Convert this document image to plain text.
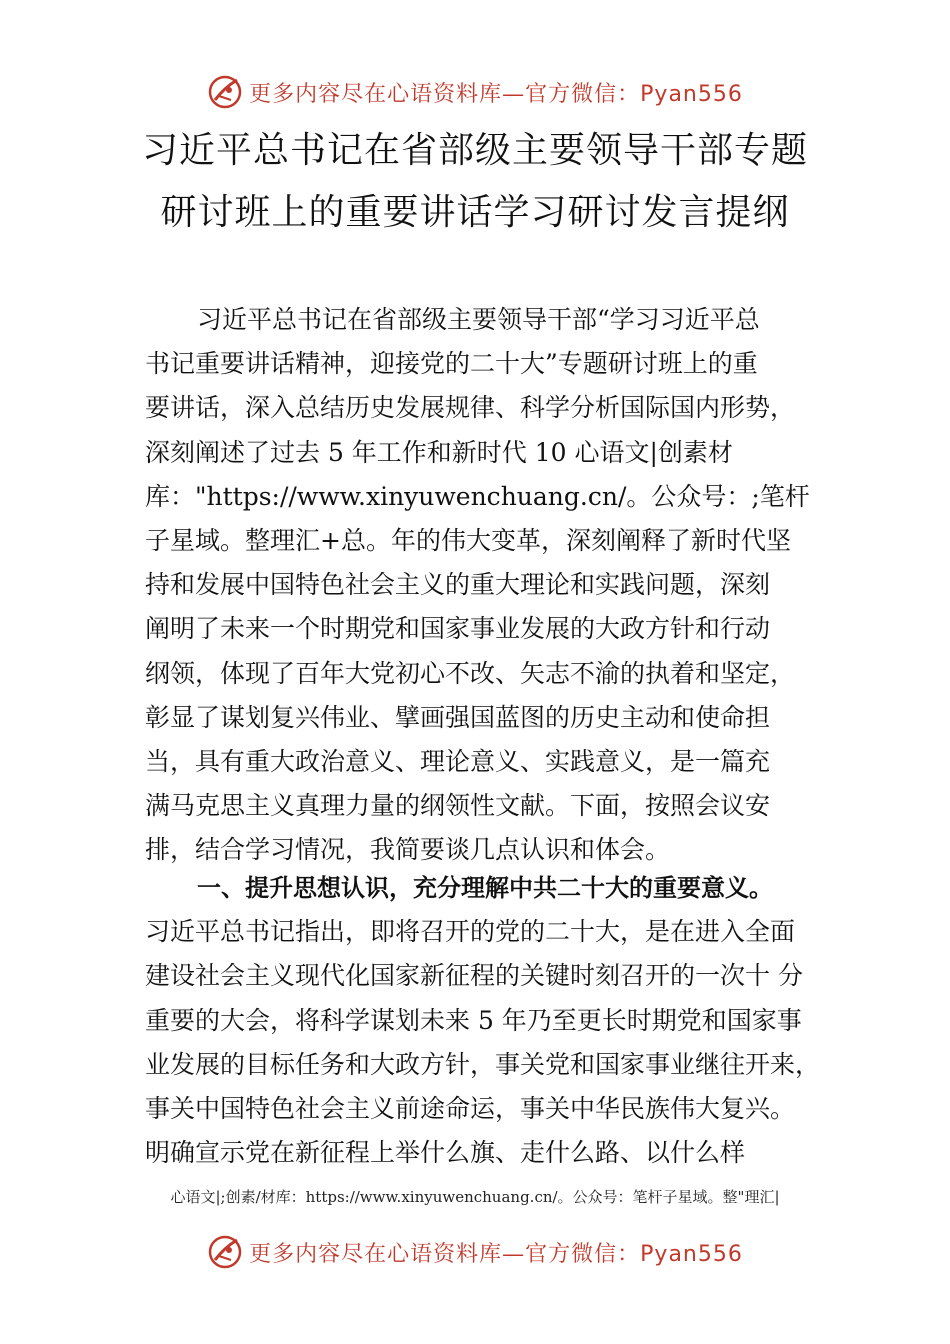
更多内容尽在心语资料库—官方微信：Pyan556
习近平总书记在省部级主要领导干部专题
研讨班上的重要讲话学习研讨发言提纲
习近平总书记在省部级主要领导干部“学习习近平总
书记重要讲话精神，迎接党的二十大”专题研讨班上的重
要讲话，深入总结历史发展规律、科学分析国际国内形势，
深刻阐述了过去 5 年工作和新时代 10 心语文|创素材
库："https://www.xinyuwenchuang.cn/。公众号：;笔杆
子星域。整理汇+总。年的伟大变革，深刻阐释了新时代坚
持和发展中国特色社会主义的重大理论和实践问题，深刻
阐明了未来一个时期党和国家事业发展的大政方针和行动
纲领，体现了百年大党初心不改、矢志不渝的执着和坚定，
彰显了谋划复兴伟业、擘画强国蓝图的历史主动和使命担
当，具有重大政治意义、理论意义、实践意义，是一篇充
满马克思主义真理力量的纲领性文献。下面，按照会议安
排，结合学习情况，我简要谈几点认识和体会。
一、提升思想认识，充分理解中共二十大的重要意义。
习近平总书记指出，即将召开的党的二十大，是在进入全面
建设社会主义现代化国家新征程的关键时刻召开的一次十 分
重要的大会，将科学谋划未来 5 年乃至更长时期党和国家事
业发展的目标任务和大政方针，事关党和国家事业继往开来，
事关中国特色社会主义前途命运，事关中华民族伟大复兴。
明确宣示党在新征程上举什么旗、走什么路、以什么样
心语文|;创素/材库：https://www.xinyuwenchuang.cn/。公众号：笔杆子星域。整"理汇|
更多内容尽在心语资料库—官方微信：Pyan556
